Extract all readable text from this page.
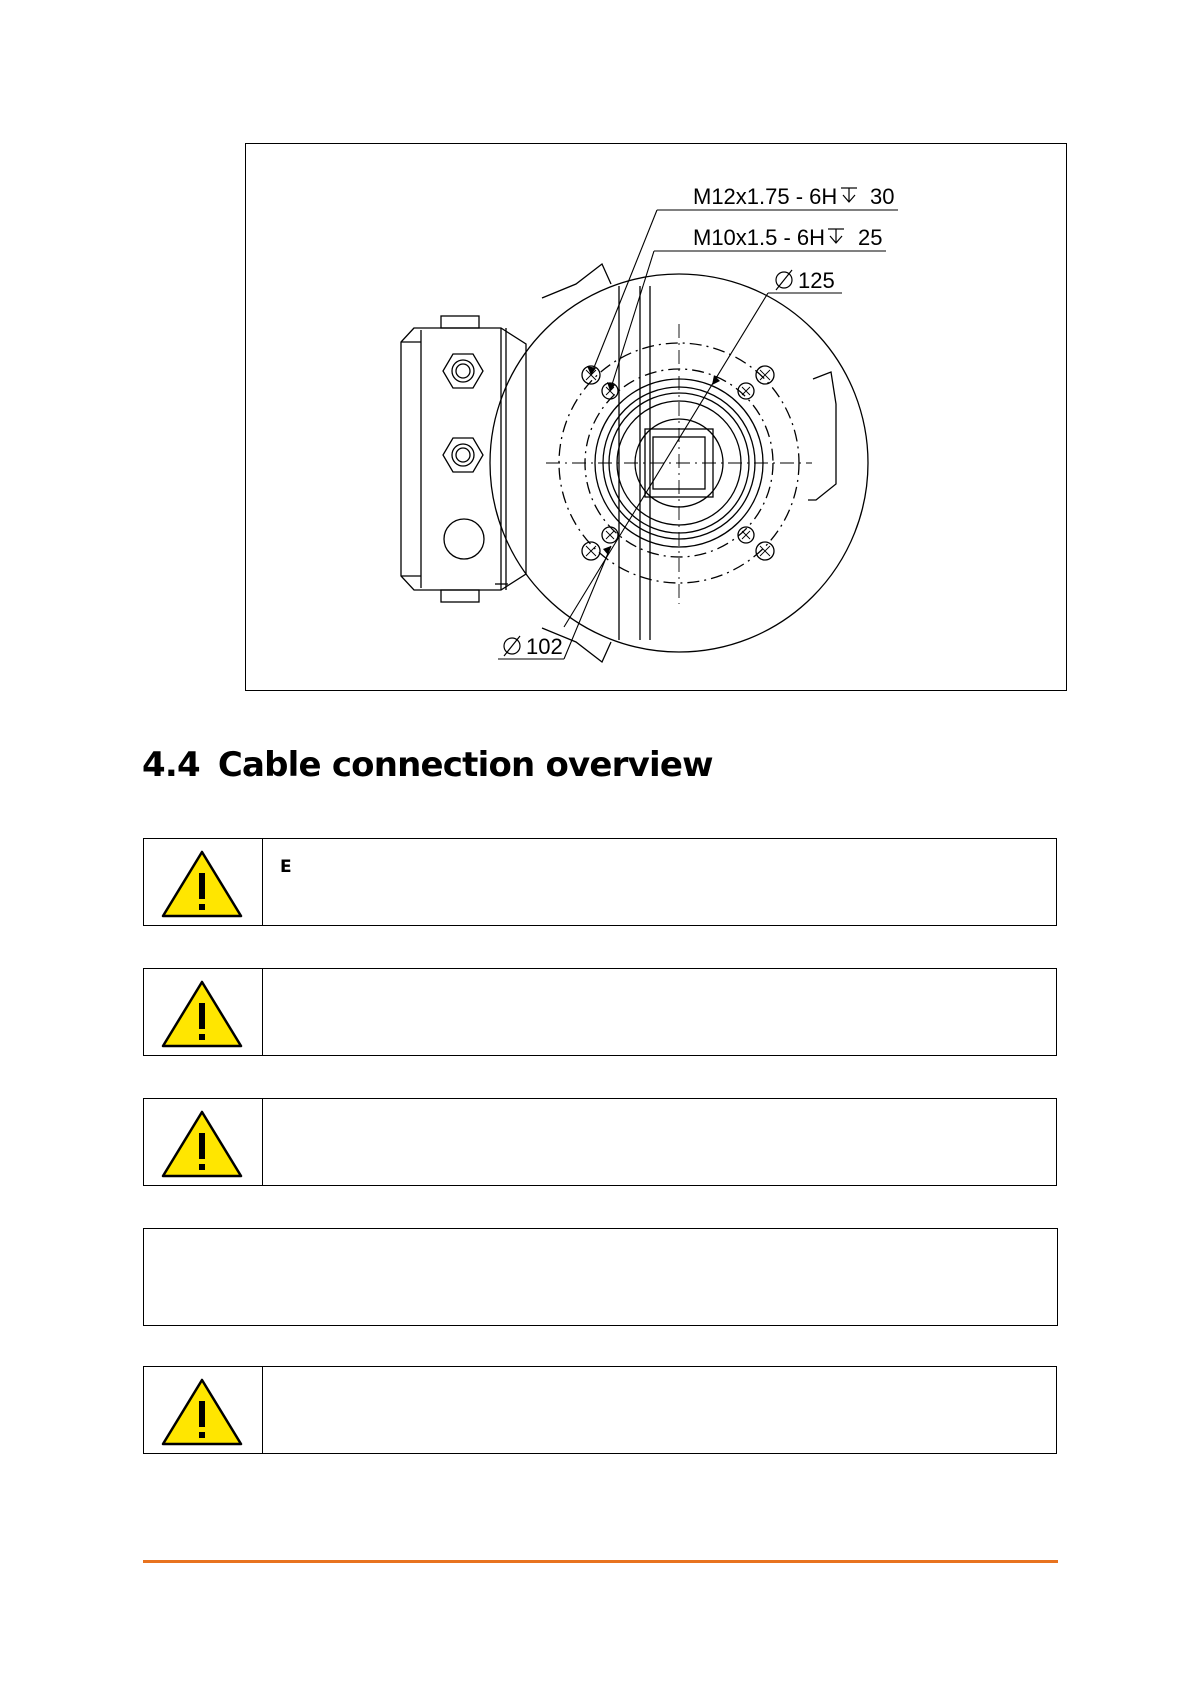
M12x1.75 - 6H 30
M10x1.5 - 6H 25
125
102
4.4 Cable connection overview
E
